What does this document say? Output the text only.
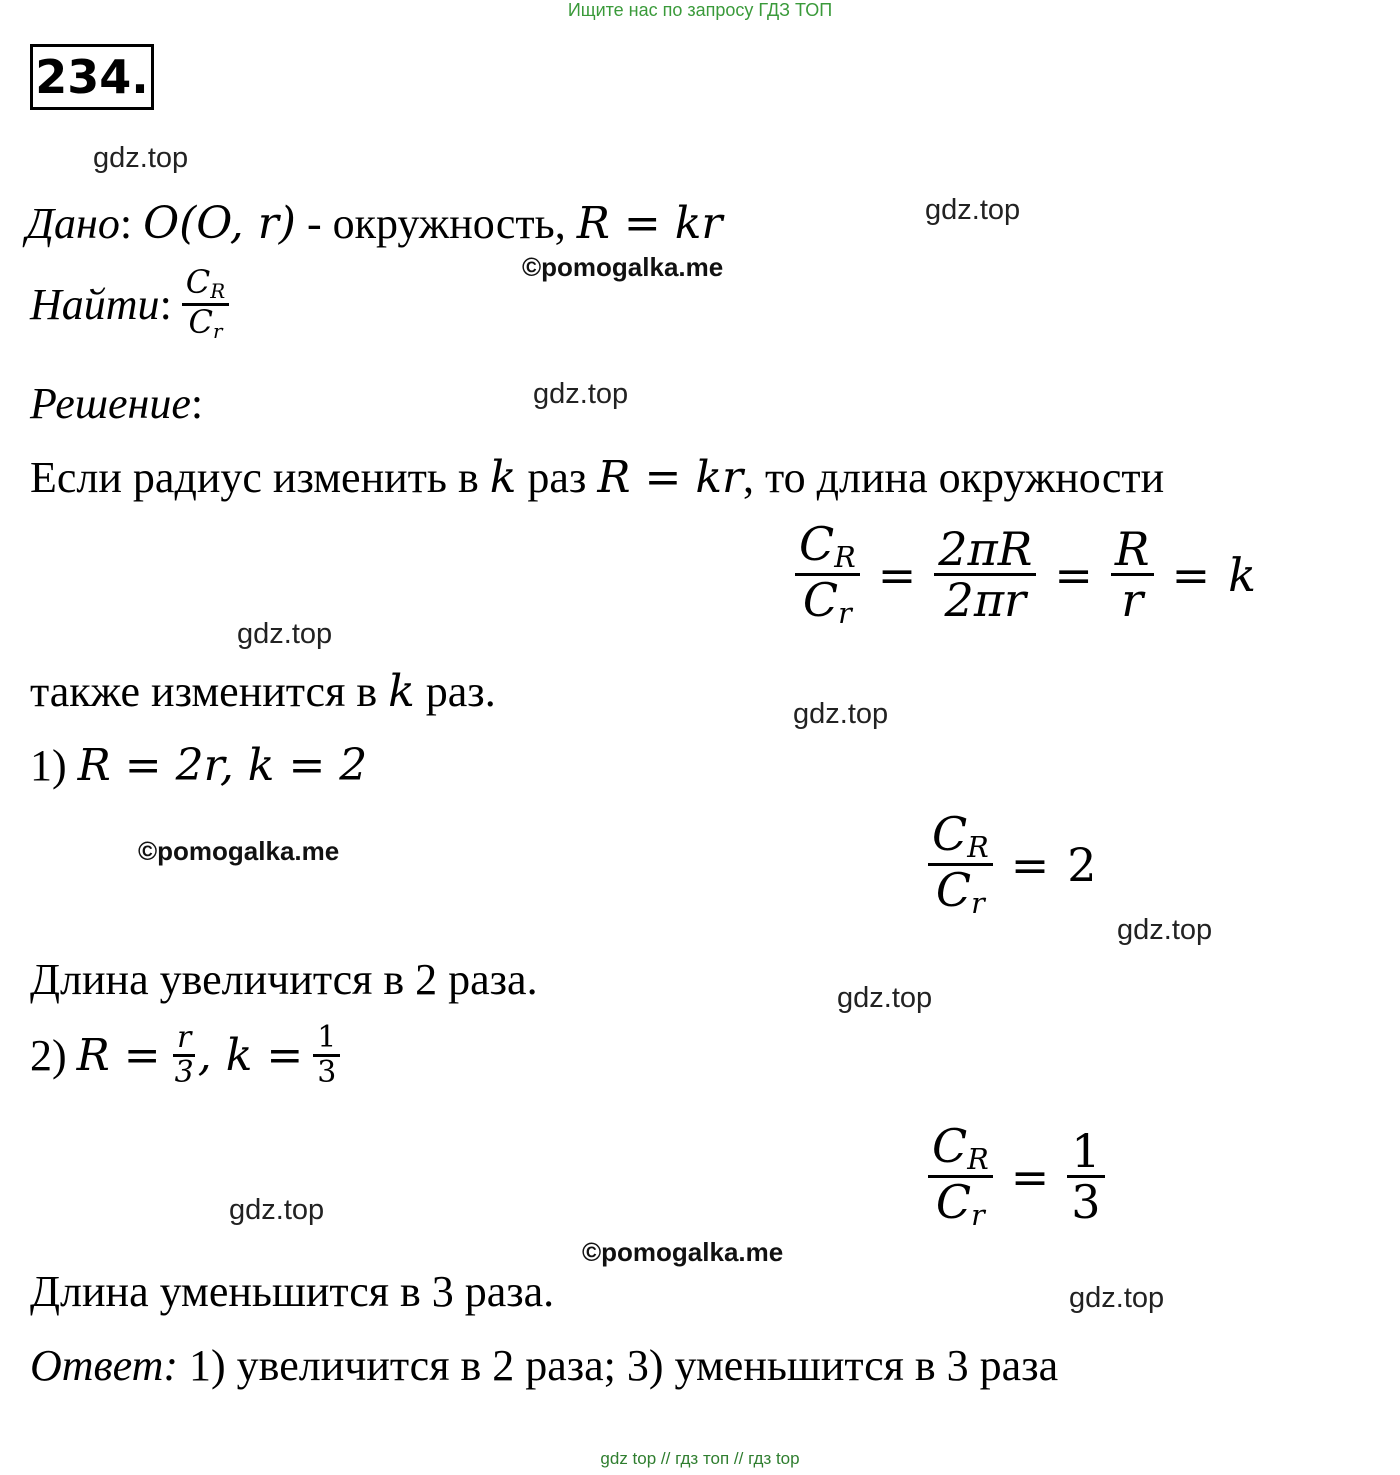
Ищите нас по запросу ГДЗ ТОП
234.
gdz.top
gdz.top
©pomogalka.me
gdz.top
gdz.top
gdz.top
©pomogalka.me
gdz.top
gdz.top
gdz.top
©pomogalka.me
gdz.top
Дано: O(O, r) - окружность, R = kr
Найти : $\frac{C_R}{C_r}$
Решение:
Если радиус изменить в k раз R = kr, то длина окружности
$\frac{C_R}{C_r} = \frac{2\pi R}{2\pi r} = \frac{R}{r} = k$
также изменится в k раз.
1) R = 2r, k = 2
$\frac{C_R}{C_r} = 2$
Длина увеличится в 2 раза.
2) $R = \frac{r}{3}$ , $k = \frac{1}{3}$
$\frac{C_R}{C_r} = \frac{1}{3}$
Длина уменьшится в 3 раза.
Ответ: 1) увеличится в 2 раза; 3) уменьшится в 3 раза
gdz top // гдз топ // гдз top
